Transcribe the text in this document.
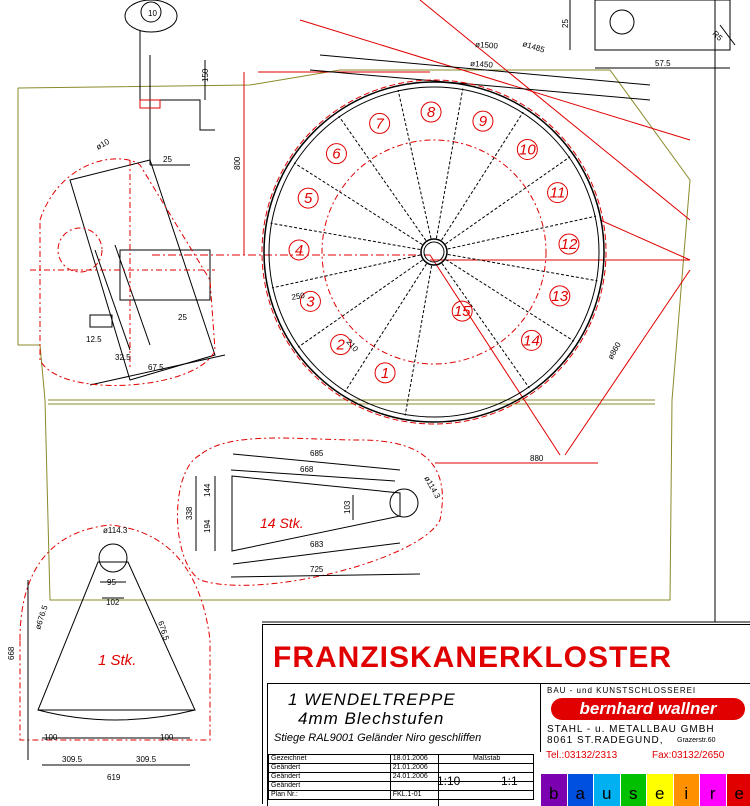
10
150
ø10
25
12.5
32.5
67.5
25
25
57.5
R5
1
2
3
4
5
6
7
8
9
10
11
12
13
14
15
800
ø1500	ø1485
ø1450
880
ø860
250
210
685
668
144
194
338
683
725
103
ø114.3
14 Stk.
ø114.3
95
102
ø676.5
668
676.5
100	100
309.5	309.5
619
1 Stk.	FRANZISKANERKLOSTER
1 WENDELTREPPE
4mm Blechstufen
Stiege RAL9001 Geländer Niro geschliffen
BAU - und KUNSTSCHLOSSEREI
bernhard wallner
STAHL - u. METALLBAU GMBH
8061 ST.RADEGUND, Grazerstr.60
Tel.:03132/2313	Fax:03132/2650
Gezeichnet	18.01.2006
Geändert	21.01.2006
Geändert	24.01.2006
Geändert	
Plan Nr.:	FKL.1-01
Maßstab
1:10	1:1
b	a	u	s	e	i	r	e
